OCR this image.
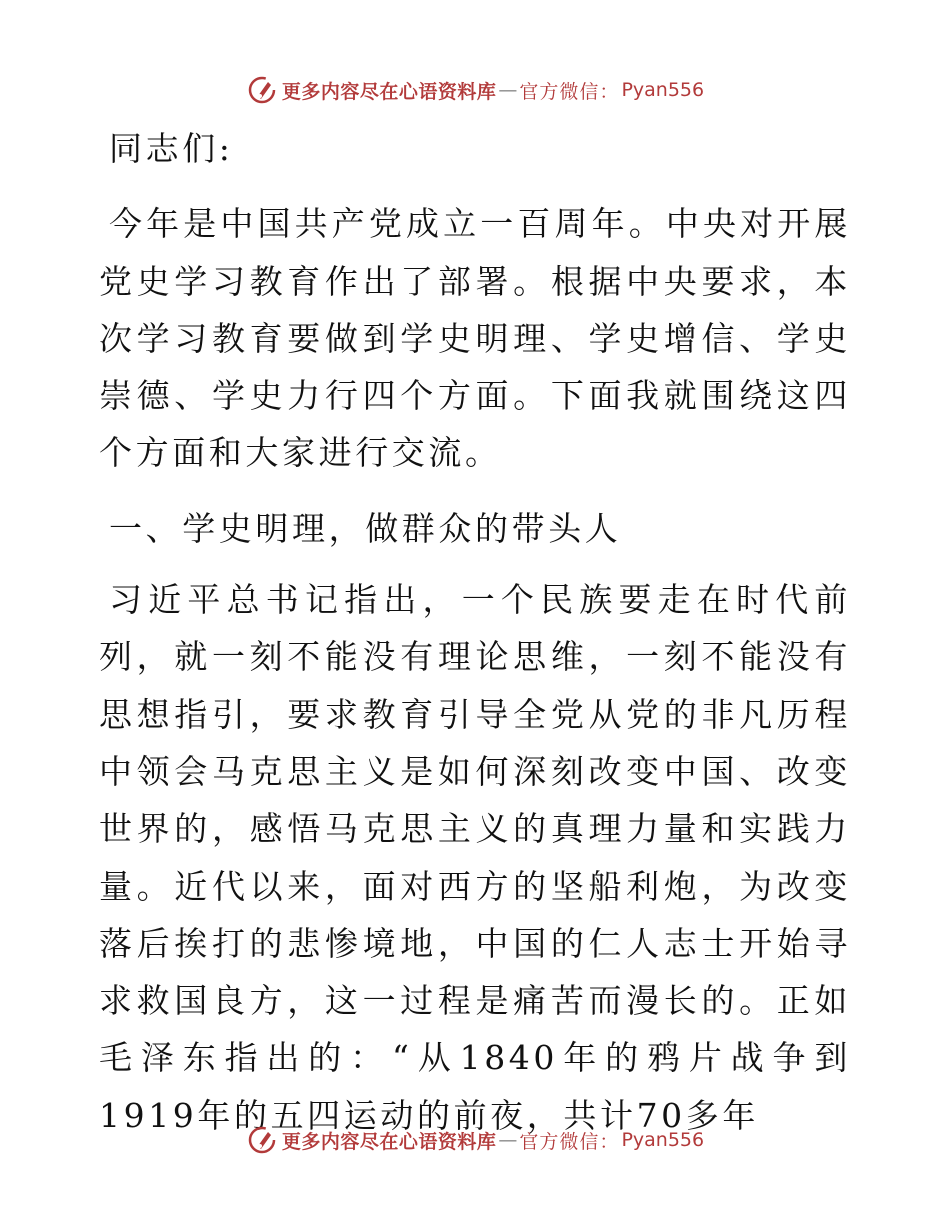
更多内容尽在心语资料库 — 官方微信： Pyan556

同志们:

今年是中国共产党成立一百周年。中央对开展党史学习教育作出了部署。根据中央要求，本次学习教育要做到学史明理、学史增信、学史崇德、学史力行四个方面。下面我就围绕这四个方面和大家进行交流。

一、学史明理，做群众的带头人

习近平总书记指出，一个民族要走在时代前列，就一刻不能没有理论思维，一刻不能没有思想指引，要求教育引导全党从党的非凡历程中领会马克思主义是如何深刻改变中国、改变世界的，感悟马克思主义的真理力量和实践力量。近代以来，面对西方的坚船利炮，为改变落后挨打的悲惨境地，中国的仁人志士开始寻求救国良方，这一过程是痛苦而漫长的。正如毛泽东指出的：“从1840年的鸦片战争到1919年的五四运动的前夜，共计70多年

更多内容尽在心语资料库 — 官方微信： Pyan556
